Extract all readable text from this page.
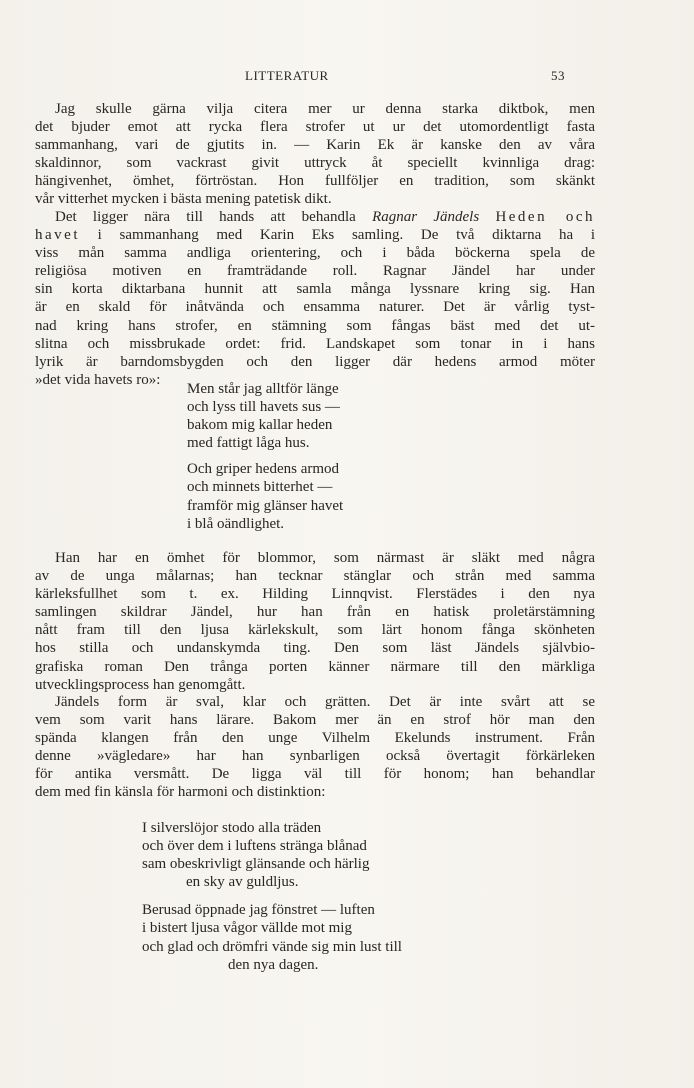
LITTERATUR	53
Jag skulle gärna vilja citera mer ur denna starka diktbok, men
det bjuder emot att rycka flera strofer ut ur det utomordentligt fasta
sammanhang, vari de gjutits in. — Karin Ek är kanske den av våra
skaldinnor, som vackrast givit uttryck åt speciellt kvinnliga drag:
hängivenhet, ömhet, förtröstan. Hon fullföljer en tradition, som skänkt
vår vitterhet mycken i bästa mening patetisk dikt.
Det ligger nära till hands att behandla Ragnar Jändels Heden och
havet i sammanhang med Karin Eks samling. De två diktarna ha i
viss mån samma andliga orientering, och i båda böckerna spela de
religiösa motiven en framträdande roll. Ragnar Jändel har under
sin korta diktarbana hunnit att samla många lyssnare kring sig. Han
är en skald för inåtvända och ensamma naturer. Det är vårlig tyst-
nad kring hans strofer, en stämning som fångas bäst med det ut-
slitna och missbrukade ordet: frid. Landskapet som tonar in i hans
lyrik är barndomsbygden och den ligger där hedens armod möter
»det vida havets ro»:
Men står jag alltför länge
och lyss till havets sus —
bakom mig kallar heden
med fattigt låga hus.
Och griper hedens armod
och minnets bitterhet —
framför mig glänser havet
i blå oändlighet.
Han har en ömhet för blommor, som närmast är släkt med några
av de unga målarnas; han tecknar stänglar och strån med samma
kärleksfullhet som t. ex. Hilding Linnqvist. Flerstädes i den nya
samlingen skildrar Jändel, hur han från en hatisk proletärstämning
nått fram till den ljusa kärlekskult, som lärt honom fånga skönheten
hos stilla och undanskymda ting. Den som läst Jändels självbio-
grafiska roman Den trånga porten känner närmare till den märkliga
utvecklingsprocess han genomgått.
Jändels form är sval, klar och grätten. Det är inte svårt att se
vem som varit hans lärare. Bakom mer än en strof hör man den
spända klangen från den unge Vilhelm Ekelunds instrument. Från
denne »vägledare» har han synbarligen också övertagit förkärleken
för antika versmått. De ligga väl till för honom; han behandlar
dem med fin känsla för harmoni och distinktion:
I silverslöjor stodo alla träden
och över dem i luftens stränga blånad
sam obeskrivligt glänsande och härlig
en sky av guldljus.
Berusad öppnade jag fönstret — luften
i bistert ljusa vågor vällde mot mig
och glad och drömfri vände sig min lust till
den nya dagen.
